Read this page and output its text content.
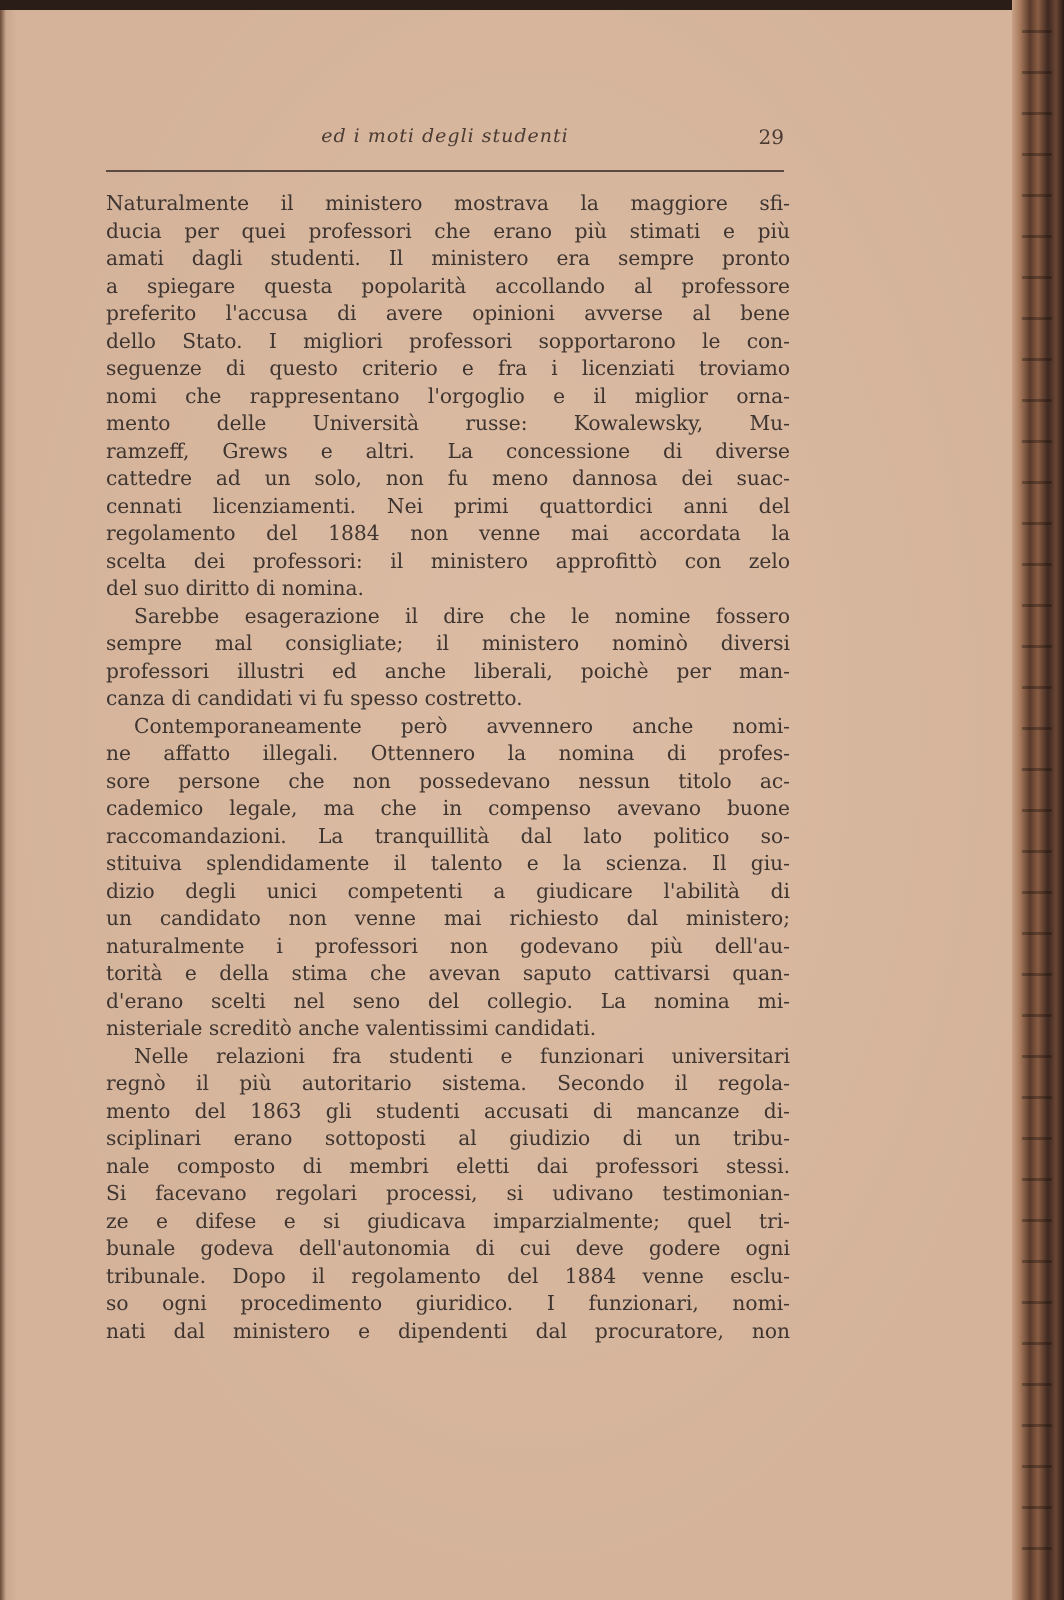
ed i moti degli studenti	29
Naturalmente il ministero mostrava la maggiore sfi-
ducia per quei professori che erano più stimati e più
amati dagli studenti. Il ministero era sempre pronto
a spiegare questa popolarità accollando al professore
preferito l'accusa di avere opinioni avverse al bene
dello Stato. I migliori professori sopportarono le con-
seguenze di questo criterio e fra i licenziati troviamo
nomi che rappresentano l'orgoglio e il miglior orna-
mento delle Università russe: Kowalewsky, Mu-
ramzeff, Grews e altri. La concessione di diverse
cattedre ad un solo, non fu meno dannosa dei suac-
cennati licenziamenti. Nei primi quattordici anni del
regolamento del 1884 non venne mai accordata la
scelta dei professori: il ministero approfittò con zelo
del suo diritto di nomina.
Sarebbe esagerazione il dire che le nomine fossero
sempre mal consigliate; il ministero nominò diversi
professori illustri ed anche liberali, poichè per man-
canza di candidati vi fu spesso costretto.
Contemporaneamente però avvennero anche nomi-
ne affatto illegali. Ottennero la nomina di profes-
sore persone che non possedevano nessun titolo ac-
cademico legale, ma che in compenso avevano buone
raccomandazioni. La tranquillità dal lato politico so-
stituiva splendidamente il talento e la scienza. Il giu-
dizio degli unici competenti a giudicare l'abilità di
un candidato non venne mai richiesto dal ministero;
naturalmente i professori non godevano più dell'au-
torità e della stima che avevan saputo cattivarsi quan-
d'erano scelti nel seno del collegio. La nomina mi-
nisteriale screditò anche valentissimi candidati.
Nelle relazioni fra studenti e funzionari universitari
regnò il più autoritario sistema. Secondo il regola-
mento del 1863 gli studenti accusati di mancanze di-
sciplinari erano sottoposti al giudizio di un tribu-
nale composto di membri eletti dai professori stessi.
Si facevano regolari processi, si udivano testimonian-
ze e difese e si giudicava imparzialmente; quel tri-
bunale godeva dell'autonomia di cui deve godere ogni
tribunale. Dopo il regolamento del 1884 venne esclu-
so ogni procedimento giuridico. I funzionari, nomi-
nati dal ministero e dipendenti dal procuratore, non
